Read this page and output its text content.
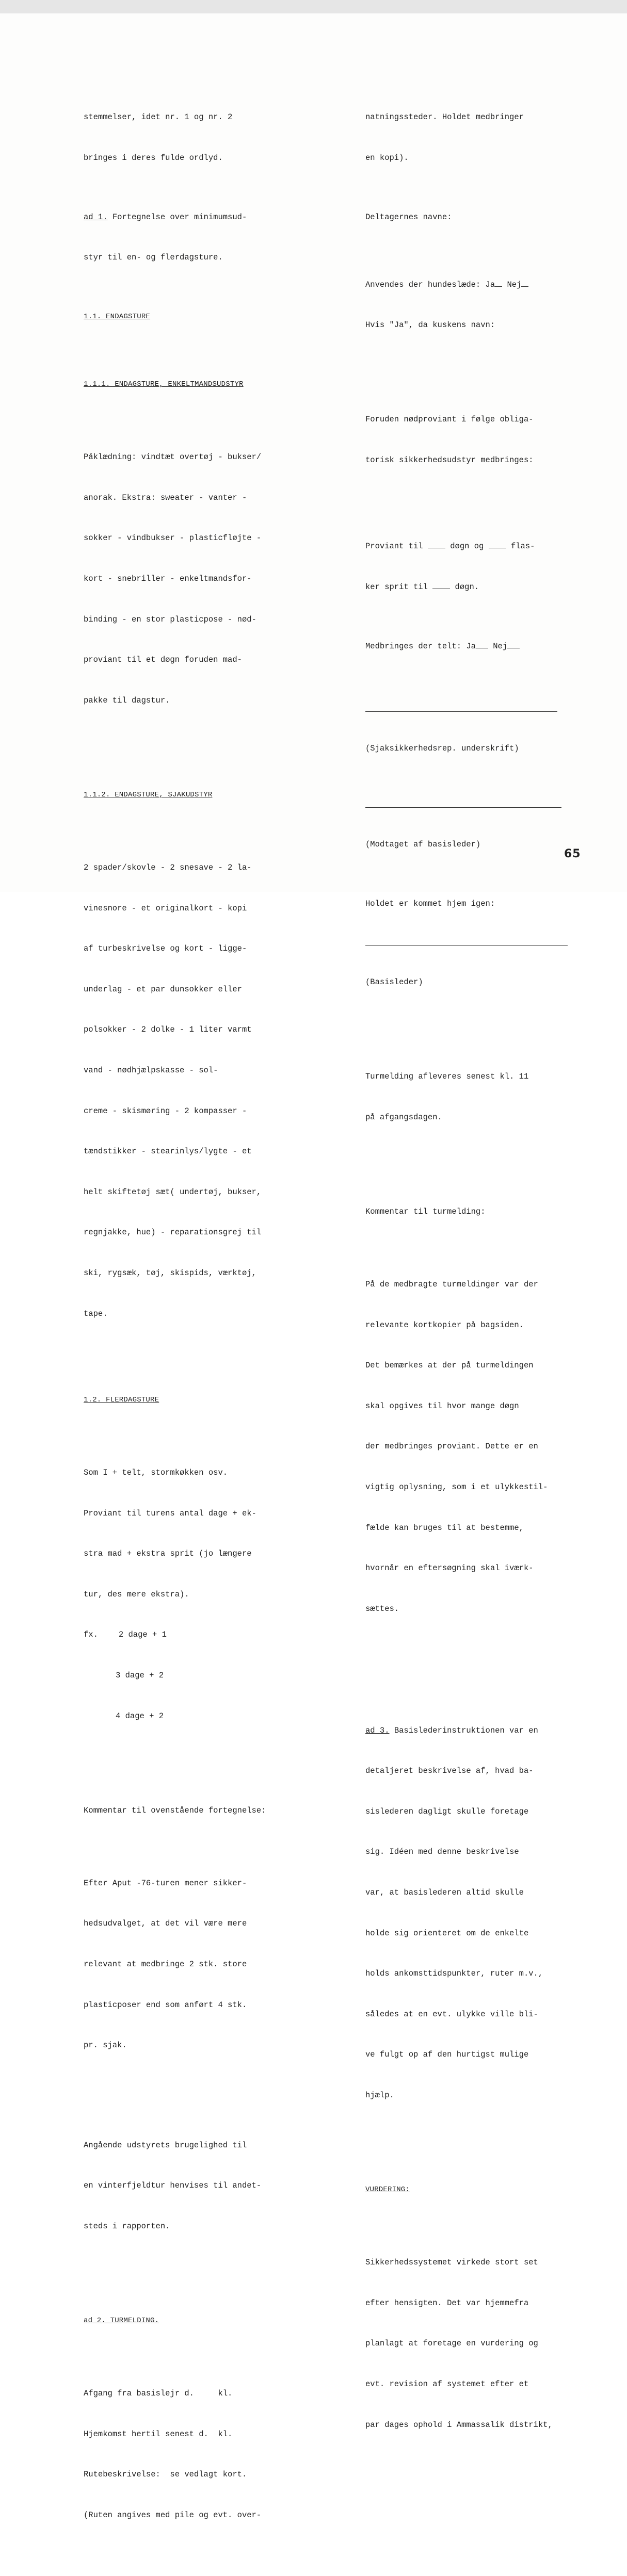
stemmelser, idet nr. 1 og nr. 2

bringes i deres fulde ordlyd.

ad 1. Fortegnelse over minimumsud-

styr til en- og flerdagsture.

1.1. ENDAGSTURE

1.1.1. ENDAGSTURE, ENKELTMANDSUDSTYR

Påklædning: vindtæt overtøj - bukser/

anorak. Ekstra: sweater - vanter -

sokker - vindbukser - plasticfløjte -

kort - snebriller - enkeltmandsfor-

binding - en stor plasticpose - nød-

proviant til et døgn foruden mad-

pakke til dagstur.

1.1.2. ENDAGSTURE, SJAKUDSTYR

2 spader/skovle - 2 snesave - 2 la-

vinesnore - et originalkort - kopi

af turbeskrivelse og kort - ligge-

underlag - et par dunsokker eller

polsokker - 2 dolke - 1 liter varmt

vand - nødhjælpskasse - sol-

creme - skismøring - 2 kompasser -

tændstikker - stearinlys/lygte - et

helt skiftetøj sæt( undertøj, bukser,

regnjakke, hue) - reparationsgrej til

ski, rygsæk, tøj, skispids, værktøj,

tape.

1.2. FLERDAGSTURE

Som I + telt, stormkøkken osv.

Proviant til turens antal dage + ek-

stra mad + ekstra sprit (jo længere

tur, des mere ekstra).

fx.	2 dage + 1

3 dage + 2

4 dage + 2

Kommentar til ovenstående fortegnelse:

Efter Aput -76-turen mener sikker-

hedsudvalget, at det vil være mere

relevant at medbringe 2 stk. store

plasticposer end som anført 4 stk.

pr. sjak.

Angående udstyrets brugelighed til

en vinterfjeldtur henvises til andet-

steds i rapporten.

ad 2. TURMELDING.

Afgang fra basislejr d.     kl.

Hjemkomst hertil senest d.  kl.

Rutebeskrivelse:  se vedlagt kort.

(Ruten angives med pile og evt. over-

natningssteder. Holdet medbringer

en kopi).

Deltagernes navne:

Anvendes der hundeslæde: Ja Nej

Hvis "Ja", da kuskens navn:

Foruden nødproviant i følge obliga-

torisk sikkerhedsudstyr medbringes:

Proviant til  døgn og  flas-

ker sprit til  døgn.

Medbringes der telt: Ja Nej

(Sjaksikkerhedsrep. underskrift)

(Modtaget af basisleder)

Holdet er kommet hjem igen:

(Basisleder)

Turmelding afleveres senest kl. 11

på afgangsdagen.

Kommentar til turmelding:

På de medbragte turmeldinger var der

relevante kortkopier på bagsiden.

Det bemærkes at der på turmeldingen

skal opgives til hvor mange døgn

der medbringes proviant. Dette er en

vigtig oplysning, som i et ulykkestil-

fælde kan bruges til at bestemme,

hvornår en eftersøgning skal iværk-

sættes.

ad 3. Basislederinstruktionen var en

detaljeret beskrivelse af, hvad ba-

sislederen dagligt skulle foretage

sig. Idéen med denne beskrivelse

var, at basislederen altid skulle

holde sig orienteret om de enkelte

holds ankomsttidspunkter, ruter m.v.,

således at en evt. ulykke ville bli-

ve fulgt op af den hurtigst mulige

hjælp.

VURDERING:

Sikkerhedssystemet virkede stort set

efter hensigten. Det var hjemmefra

planlagt at foretage en vurdering og

evt. revision af systemet efter et

par dages ophold i Ammassalik distrikt,

65
